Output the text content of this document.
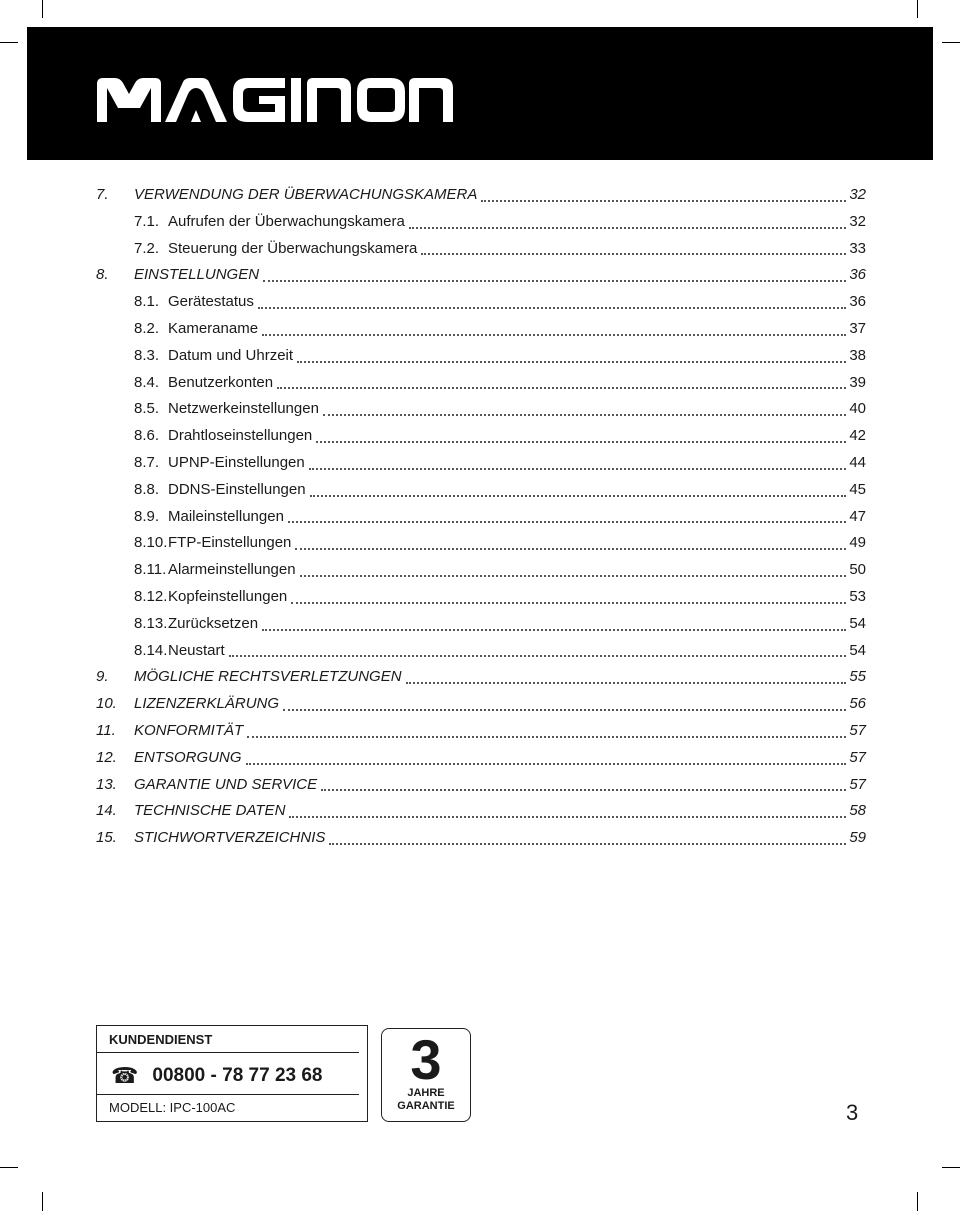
7. VERWENDUNG DER ÜBERWACHUNGSKAMERA	32
7.1. Aufrufen der Überwachungskamera	32
7.2. Steuerung der Überwachungskamera	33
8. EINSTELLUNGEN	36
8.1. Gerätestatus	36
8.2. Kameraname	37
8.3. Datum und Uhrzeit	38
8.4. Benutzerkonten	39
8.5. Netzwerkeinstellungen	40
8.6. Drahtloseinstellungen	42
8.7. UPNP-Einstellungen	44
8.8. DDNS-Einstellungen	45
8.9. Maileinstellungen	47
8.10. FTP-Einstellungen	49
8.11. Alarmeinstellungen	50
8.12. Kopfeinstellungen	53
8.13. Zurücksetzen	54
8.14. Neustart	54
9. MÖGLICHE RECHTSVERLETZUNGEN	55
10. LIZENZERKLÄRUNG	56
11. KONFORMITÄT	57
12. ENTSORGUNG	57
13. GARANTIE UND SERVICE	57
14. TECHNISCHE DATEN	58
15. STICHWORTVERZEICHNIS	59
KUNDENDIENST
☎ 00800 - 78 77 23 68
MODELL: IPC-100AC
3
JAHRE
GARANTIE	3
